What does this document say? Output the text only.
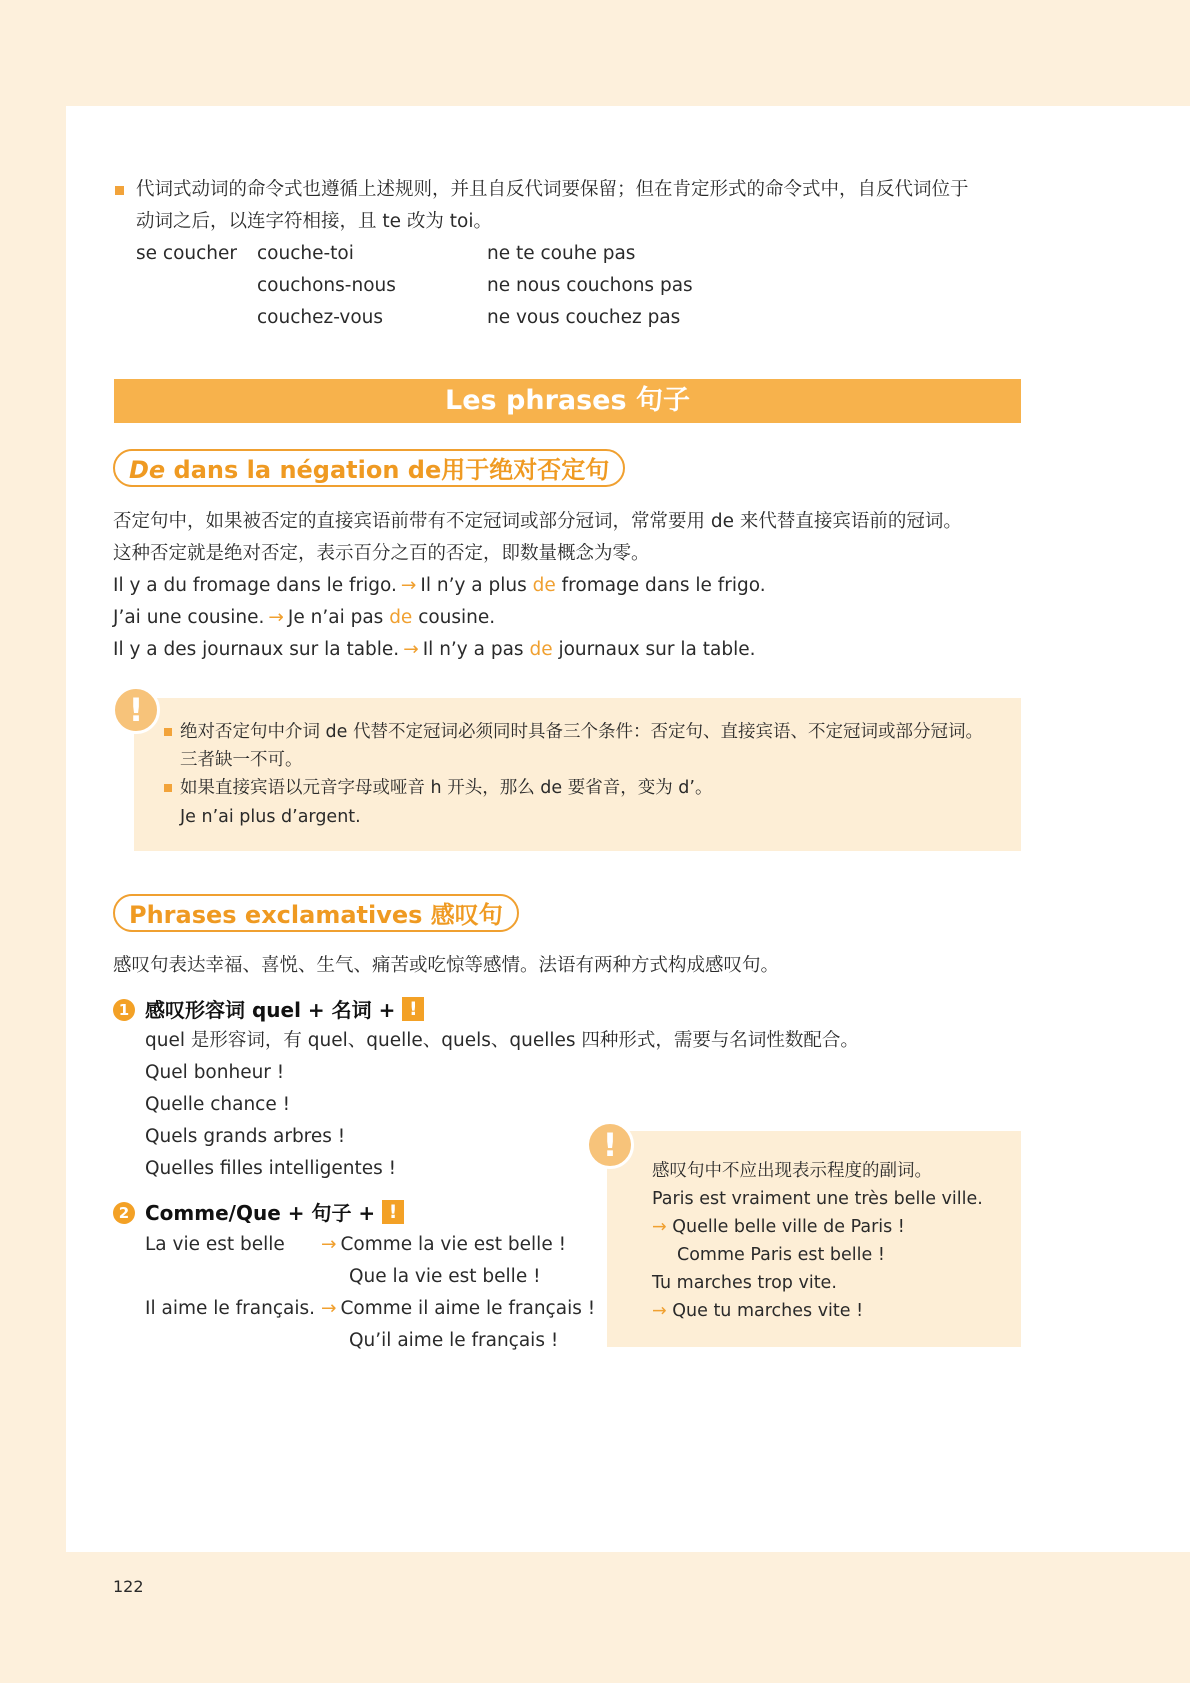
代词式动词的命令式也遵循上述规则，并且自反代词要保留；但在肯定形式的命令式中，自反代词位于
动词之后，以连字符相接，且 te 改为 toi。
se coucher couche-toi	ne te couhe pas
couchons-nous	ne nous couchons pas
couchez-vous	ne vous couchez pas
Les phrases 句子
De dans la négation de用于绝对否定句
否定句中，如果被否定的直接宾语前带有不定冠词或部分冠词，常常要用 de 来代替直接宾语前的冠词。
这种否定就是绝对否定，表示百分之百的否定，即数量概念为零。
Il y a du fromage dans le frigo. → Il n’y a plus de fromage dans le frigo.
J’ai une cousine. → Je n’ai pas de cousine.
Il y a des journaux sur la table. → Il n’y a pas de journaux sur la table.
!
绝对否定句中介词 de 代替不定冠词必须同时具备三个条件：否定句、直接宾语、不定冠词或部分冠词。
三者缺一不可。
如果直接宾语以元音字母或哑音 h 开头，那么 de 要省音，变为 d’。
Je n’ai plus d’argent.
Phrases exclamatives 感叹句
感叹句表达幸福、喜悦、生气、痛苦或吃惊等感情。法语有两种方式构成感叹句。
1 感叹形容词 quel + 名词 + !
quel 是形容词，有 quel、quelle、quels、quelles 四种形式，需要与名词性数配合。
Quel bonheur !
Quelle chance !
Quels grands arbres !
Quelles filles intelligentes !
2 Comme/Que + 句子 + !
La vie est belle → Comme la vie est belle !
Que la vie est belle !
Il aime le français. → Comme il aime le français !
Qu’il aime le français !
!
感叹句中不应出现表示程度的副词。
Paris est vraiment une très belle ville.
→ Quelle belle ville de Paris !
Comme Paris est belle !
Tu marches trop vite.
→ Que tu marches vite !
122
